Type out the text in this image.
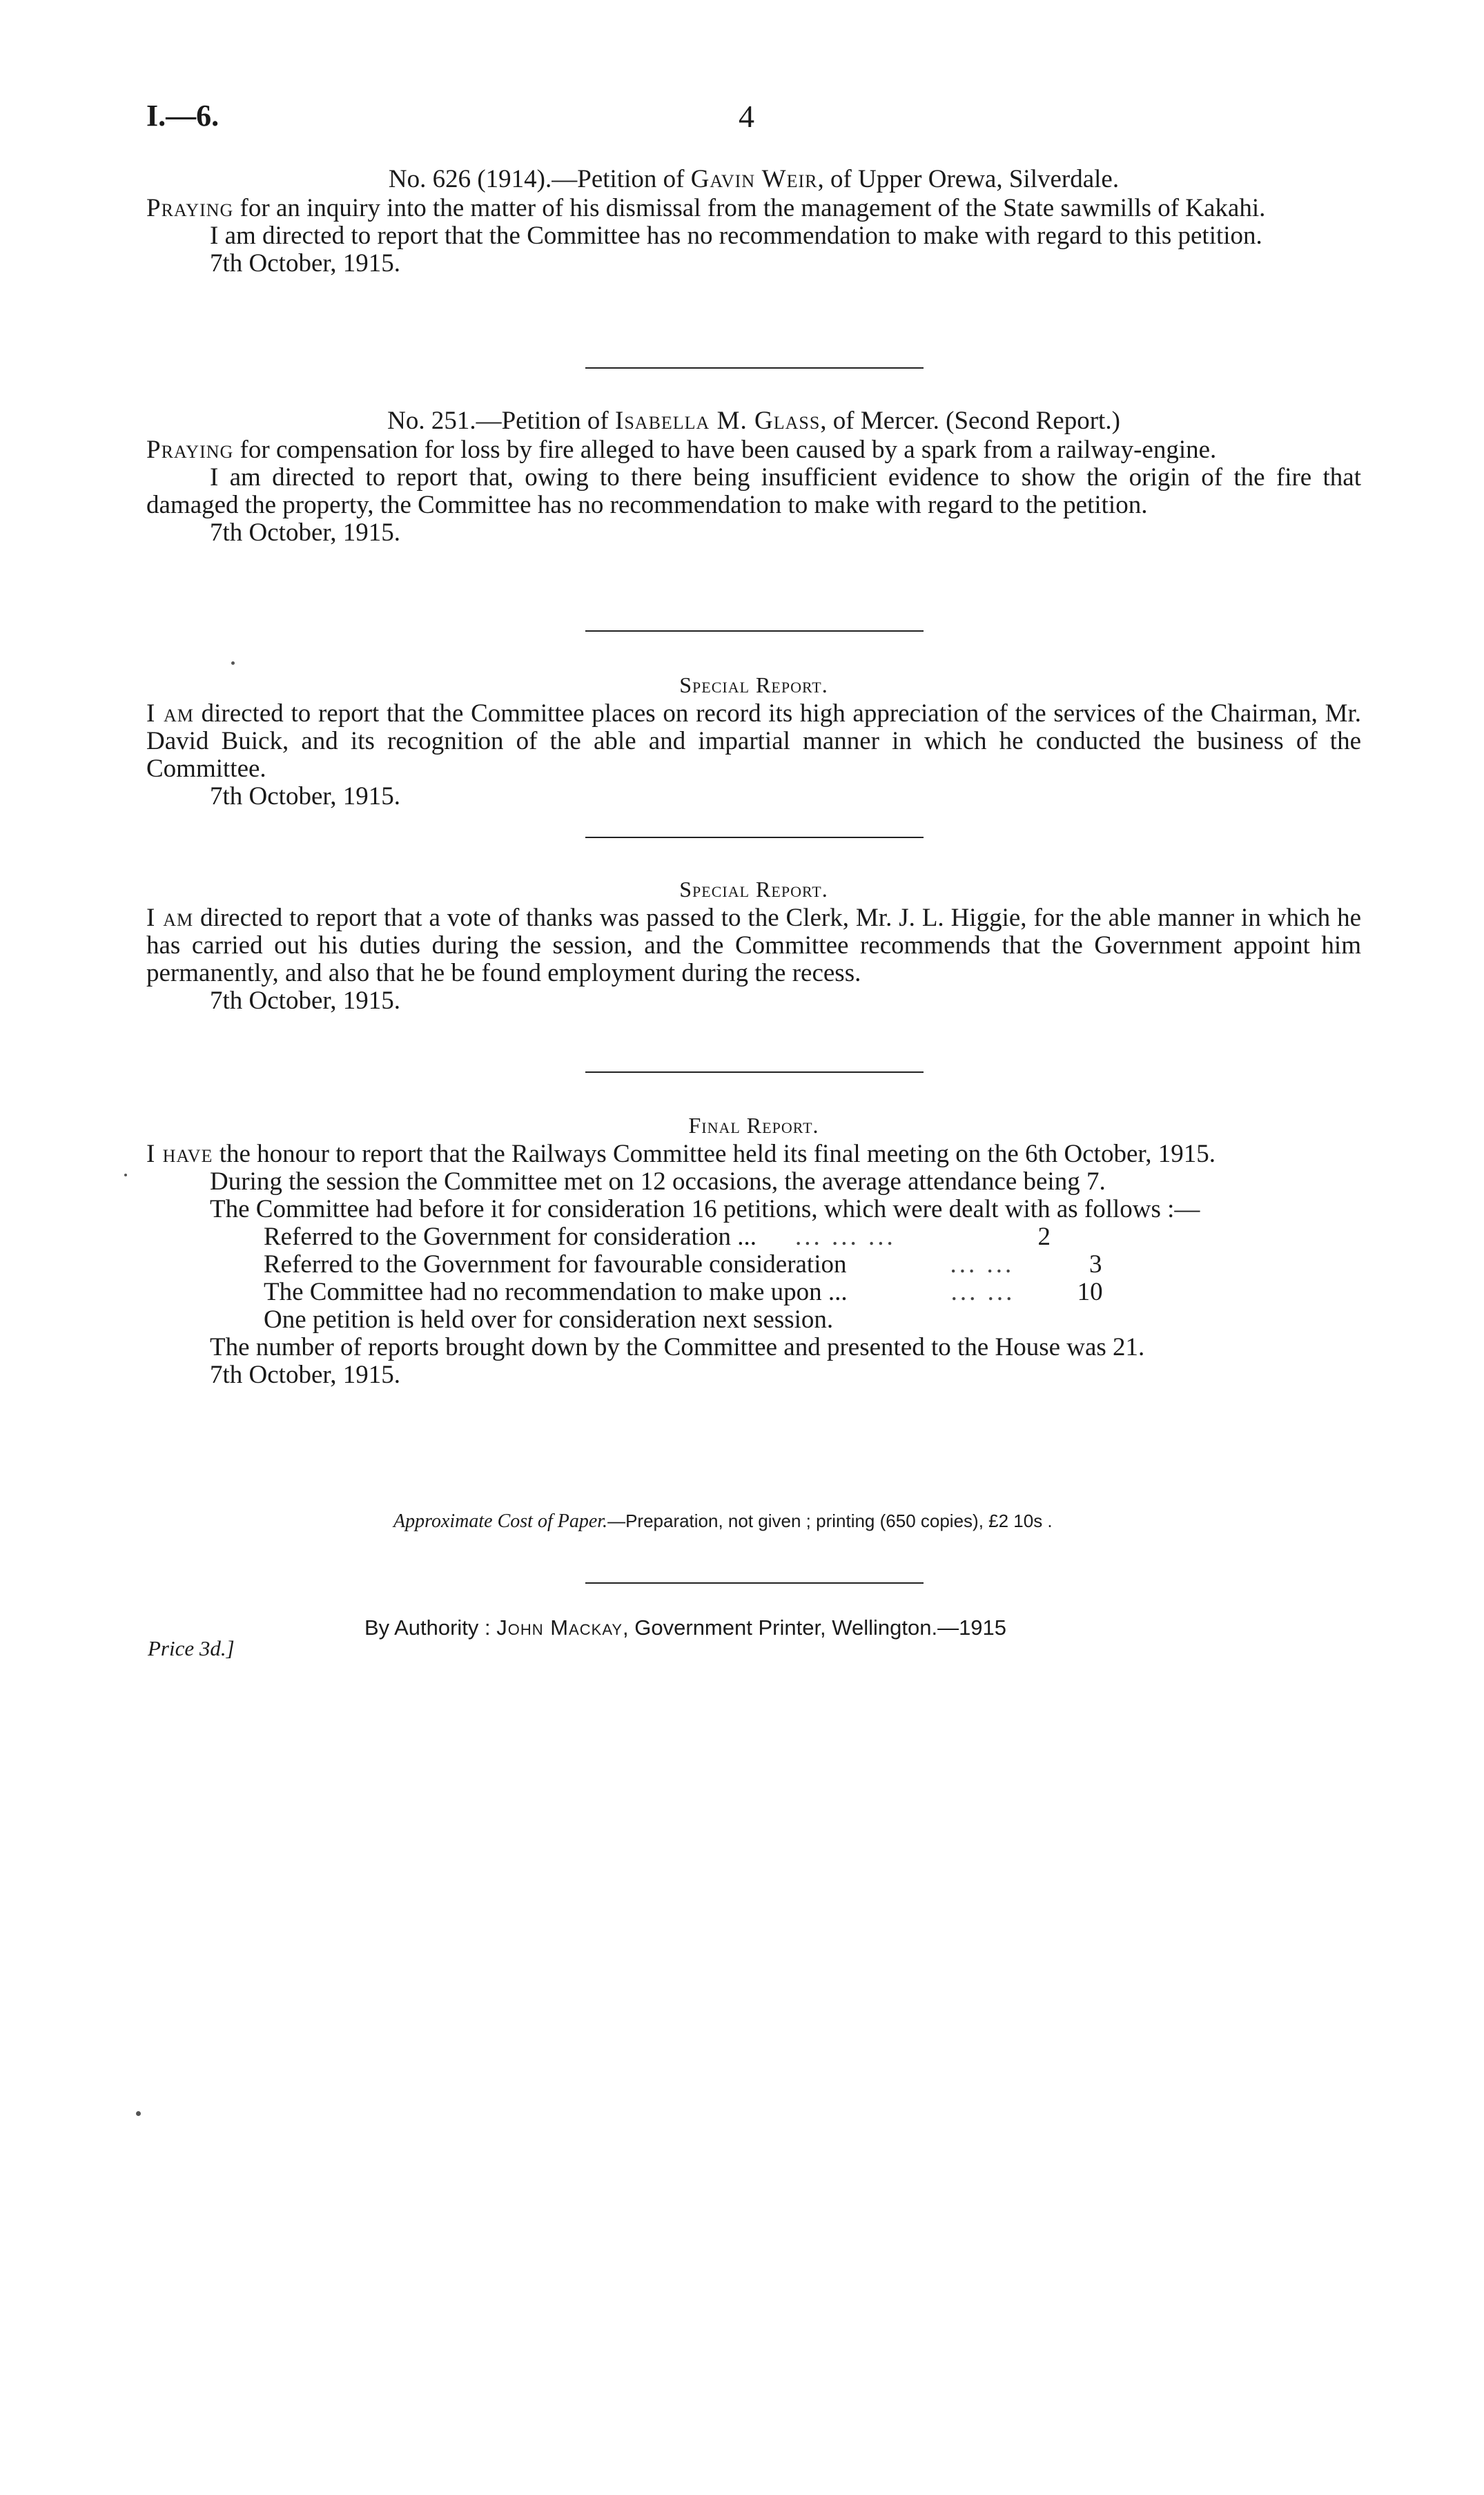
I.—6.	4
No. 626 (1914).—Petition of Gavin Weir, of Upper Orewa, Silverdale.

Praying for an inquiry into the matter of his dismissal from the management of the State sawmills of Kakahi.

I am directed to report that the Committee has no recommendation to make with regard to this petition.

7th October, 1915.
No. 251.—Petition of Isabella M. Glass, of Mercer. (Second Report.)

Praying for compensation for loss by fire alleged to have been caused by a spark from a railway-engine.

I am directed to report that, owing to there being insufficient evidence to show the origin of the fire that damaged the property, the Committee has no recommendation to make with regard to the petition.

7th October, 1915.
Special Report.

I am directed to report that the Committee places on record its high appreciation of the services of the Chairman, Mr. David Buick, and its recognition of the able and impartial manner in which he conducted the business of the Committee.

7th October, 1915.
Special Report.

I am directed to report that a vote of thanks was passed to the Clerk, Mr. J. L. Higgie, for the able manner in which he has carried out his duties during the session, and the Committee recommends that the Government appoint him permanently, and also that he be found employment during the recess.

7th October, 1915.
Final Report.

I have the honour to report that the Railways Committee held its final meeting on the 6th October, 1915.

During the session the Committee met on 12 occasions, the average attendance being 7.

The Committee had before it for consideration 16 petitions, which were dealt with as follows :—

Referred to the Government for consideration ...	... ... ...	2
Referred to the Government for favourable consideration	... ...	3
The Committee had no recommendation to make upon ...	... ...	10
One petition is held over for consideration next session.

The number of reports brought down by the Committee and presented to the House was 21.

7th October, 1915.
Approximate Cost of Paper.—Preparation, not given ; printing (650 copies), £2 10s .
By Authority : John Mackay, Government Printer, Wellington.—1915
Price 3d.]
